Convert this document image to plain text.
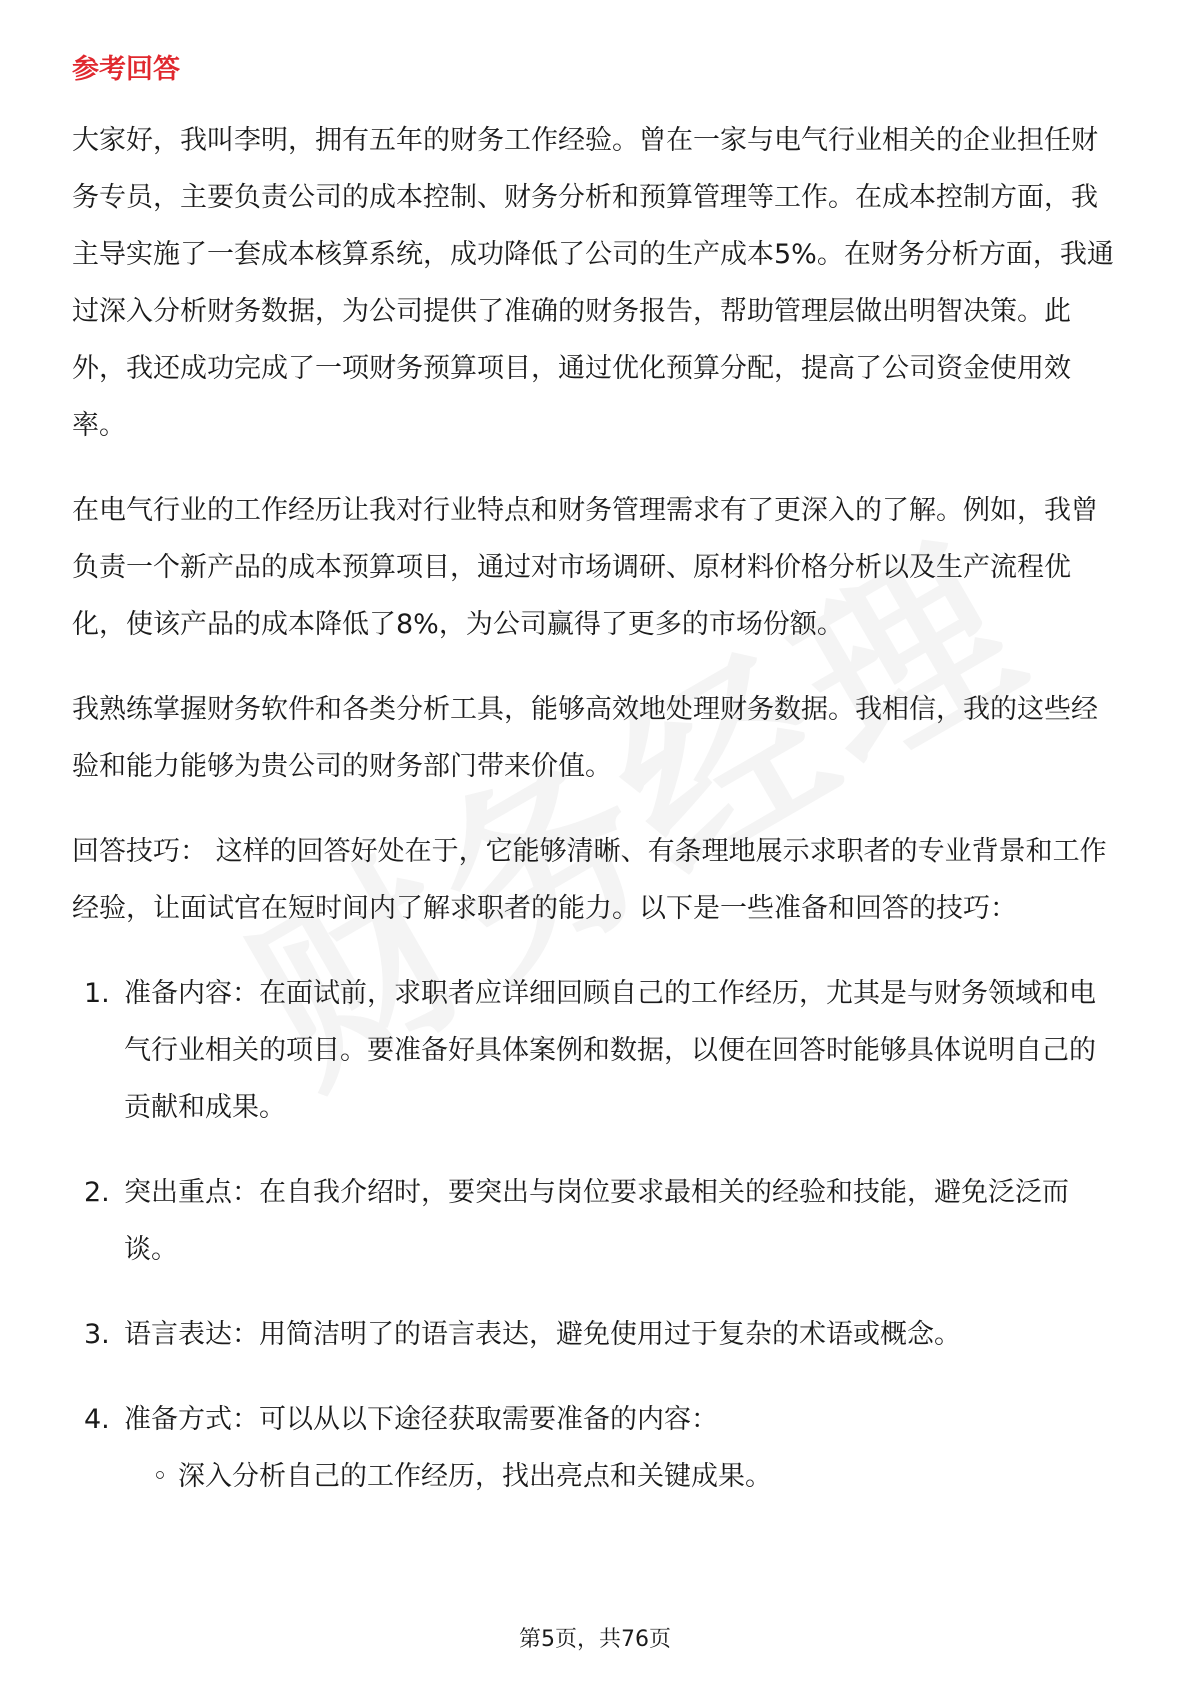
参考回答

大家好，我叫李明，拥有五年的财务工作经验。曾在一家与电气行业相关的企业担任财务专员，主要负责公司的成本控制、财务分析和预算管理等工作。在成本控制方面，我主导实施了一套成本核算系统，成功降低了公司的生产成本5%。在财务分析方面，我通过深入分析财务数据，为公司提供了准确的财务报告，帮助管理层做出明智决策。此外，我还成功完成了一项财务预算项目，通过优化预算分配，提高了公司资金使用效率。

在电气行业的工作经历让我对行业特点和财务管理需求有了更深入的了解。例如，我曾负责一个新产品的成本预算项目，通过对市场调研、原材料价格分析以及生产流程优化，使该产品的成本降低了8%，为公司赢得了更多的市场份额。

我熟练掌握财务软件和各类分析工具，能够高效地处理财务数据。我相信，我的这些经验和能力能够为贵公司的财务部门带来价值。

回答技巧： 这样的回答好处在于，它能够清晰、有条理地展示求职者的专业背景和工作经验，让面试官在短时间内了解求职者的能力。以下是一些准备和回答的技巧：

1. 准备内容：在面试前，求职者应详细回顾自己的工作经历，尤其是与财务领域和电气行业相关的项目。要准备好具体案例和数据，以便在回答时能够具体说明自己的贡献和成果。
2. 突出重点：在自我介绍时，要突出与岗位要求最相关的经验和技能，避免泛泛而谈。
3. 语言表达：用简洁明了的语言表达，避免使用过于复杂的术语或概念。
4. 准备方式：可以从以下途径获取需要准备的内容：
◦ 深入分析自己的工作经历，找出亮点和关键成果。
第5页，共76页
